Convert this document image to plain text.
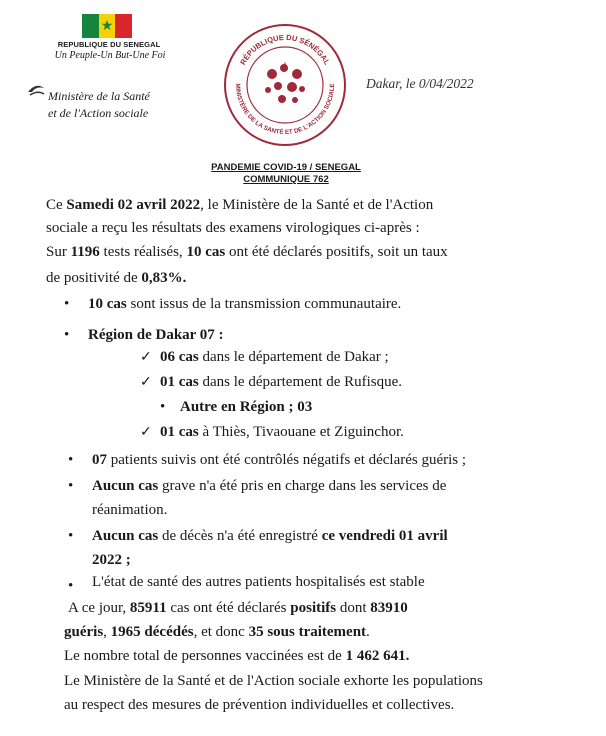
★
REPUBLIQUE DU SENEGAL
Un Peuple-Un But-Une Foi
Ministère de la Santé
et de l'Action sociale
RÉPUBLIQUE DU SÉNÉGAL
MINISTÈRE DE LA SANTÉ ET DE L'ACTION SOCIALE Dakar, le 0/04/2022
PANDEMIE COVID-19 / SENEGAL
COMMUNIQUE 762
Ce Samedi 02 avril 2022, le Ministère de la Santé et de l'Action
sociale a reçu les résultats des examens virologiques ci-après :
Sur 1196 tests réalisés, 10 cas ont été déclarés positifs, soit un taux
de positivité de 0,83%.
• 10 cas sont issus de la transmission communautaire.
• Région de Dakar 07 :
✓ 06 cas dans le département de Dakar ;
✓ 01 cas dans le département de Rufisque.
• Autre en Région ; 03
✓ 01 cas à Thiès, Tivaouane et Ziguinchor.
• 07 patients suivis ont été contrôlés négatifs et déclarés guéris ;
• Aucun cas grave n'a été pris en charge dans les services de
réanimation.
• Aucun cas de décès n'a été enregistré ce vendredi 01 avril
2022 ;
• L'état de santé des autres patients hospitalisés est stable
A ce jour, 85911 cas ont été déclarés positifs dont 83910
guéris, 1965 décédés, et donc 35 sous traitement.
Le nombre total de personnes vaccinées est de 1 462 641.
Le Ministère de la Santé et de l'Action sociale exhorte les populations
au respect des mesures de prévention individuelles et collectives.
